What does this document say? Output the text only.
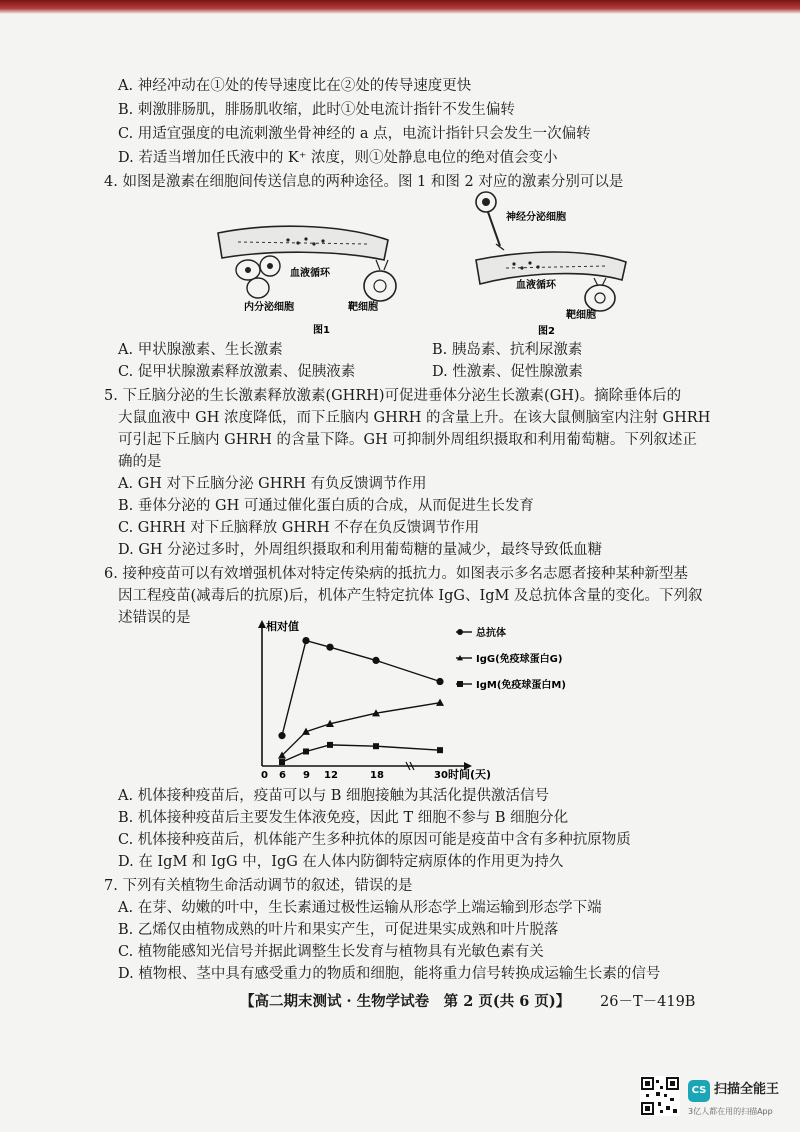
A. 神经冲动在①处的传导速度比在②处的传导速度更快
B. 刺激腓肠肌，腓肠肌收缩，此时①处电流计指针不发生偏转
C. 用适宜强度的电流刺激坐骨神经的 a 点，电流计指针只会发生一次偏转
D. 若适当增加任氏液中的 K⁺ 浓度，则①处静息电位的绝对值会变小
4. 如图是激素在细胞间传送信息的两种途径。图 1 和图 2 对应的激素分别可以是
血液循环
内分泌细胞	靶细胞
图1
神经分泌细胞
血液循环
靶细胞
图2
A. 甲状腺激素、生长激素	B. 胰岛素、抗利尿激素
C. 促甲状腺激素释放激素、促胰液素	D. 性激素、促性腺激素
5. 下丘脑分泌的生长激素释放激素(GHRH)可促进垂体分泌生长激素(GH)。摘除垂体后的
大鼠血液中 GH 浓度降低，而下丘脑内 GHRH 的含量上升。在该大鼠侧脑室内注射 GHRH
可引起下丘脑内 GHRH 的含量下降。GH 可抑制外周组织摄取和利用葡萄糖。下列叙述正
确的是
A. GH 对下丘脑分泌 GHRH 有负反馈调节作用
B. 垂体分泌的 GH 可通过催化蛋白质的合成，从而促进生长发育
C. GHRH 对下丘脑释放 GHRH 不存在负反馈调节作用
D. GH 分泌过多时，外周组织摄取和利用葡萄糖的量减少，最终导致低血糖
6. 接种疫苗可以有效增强机体对特定传染病的抵抗力。如图表示多名志愿者接种某种新型基
因工程疫苗(减毒后的抗原)后，机体产生特定抗体 IgG、IgM 及总抗体含量的变化。下列叙
述错误的是
相对值
时间(天)
0 6 9 12	18	30
总抗体
IgG(免疫球蛋白G)
IgM(免疫球蛋白M)
A. 机体接种疫苗后，疫苗可以与 B 细胞接触为其活化提供激活信号
B. 机体接种疫苗后主要发生体液免疫，因此 T 细胞不参与 B 细胞分化
C. 机体接种疫苗后，机体能产生多种抗体的原因可能是疫苗中含有多种抗原物质
D. 在 IgM 和 IgG 中，IgG 在人体内防御特定病原体的作用更为持久
7. 下列有关植物生命活动调节的叙述，错误的是
A. 在芽、幼嫩的叶中，生长素通过极性运输从形态学上端运输到形态学下端
B. 乙烯仅由植物成熟的叶片和果实产生，可促进果实成熟和叶片脱落
C. 植物能感知光信号并据此调整生长发育与植物具有光敏色素有关
D. 植物根、茎中具有感受重力的物质和细胞，能将重力信号转换成运输生长素的信号
【高二期末测试 · 生物学试卷　第 2 页(共 6 页)】 26－T－419B
CS 扫描全能王
3亿人都在用的扫描App
